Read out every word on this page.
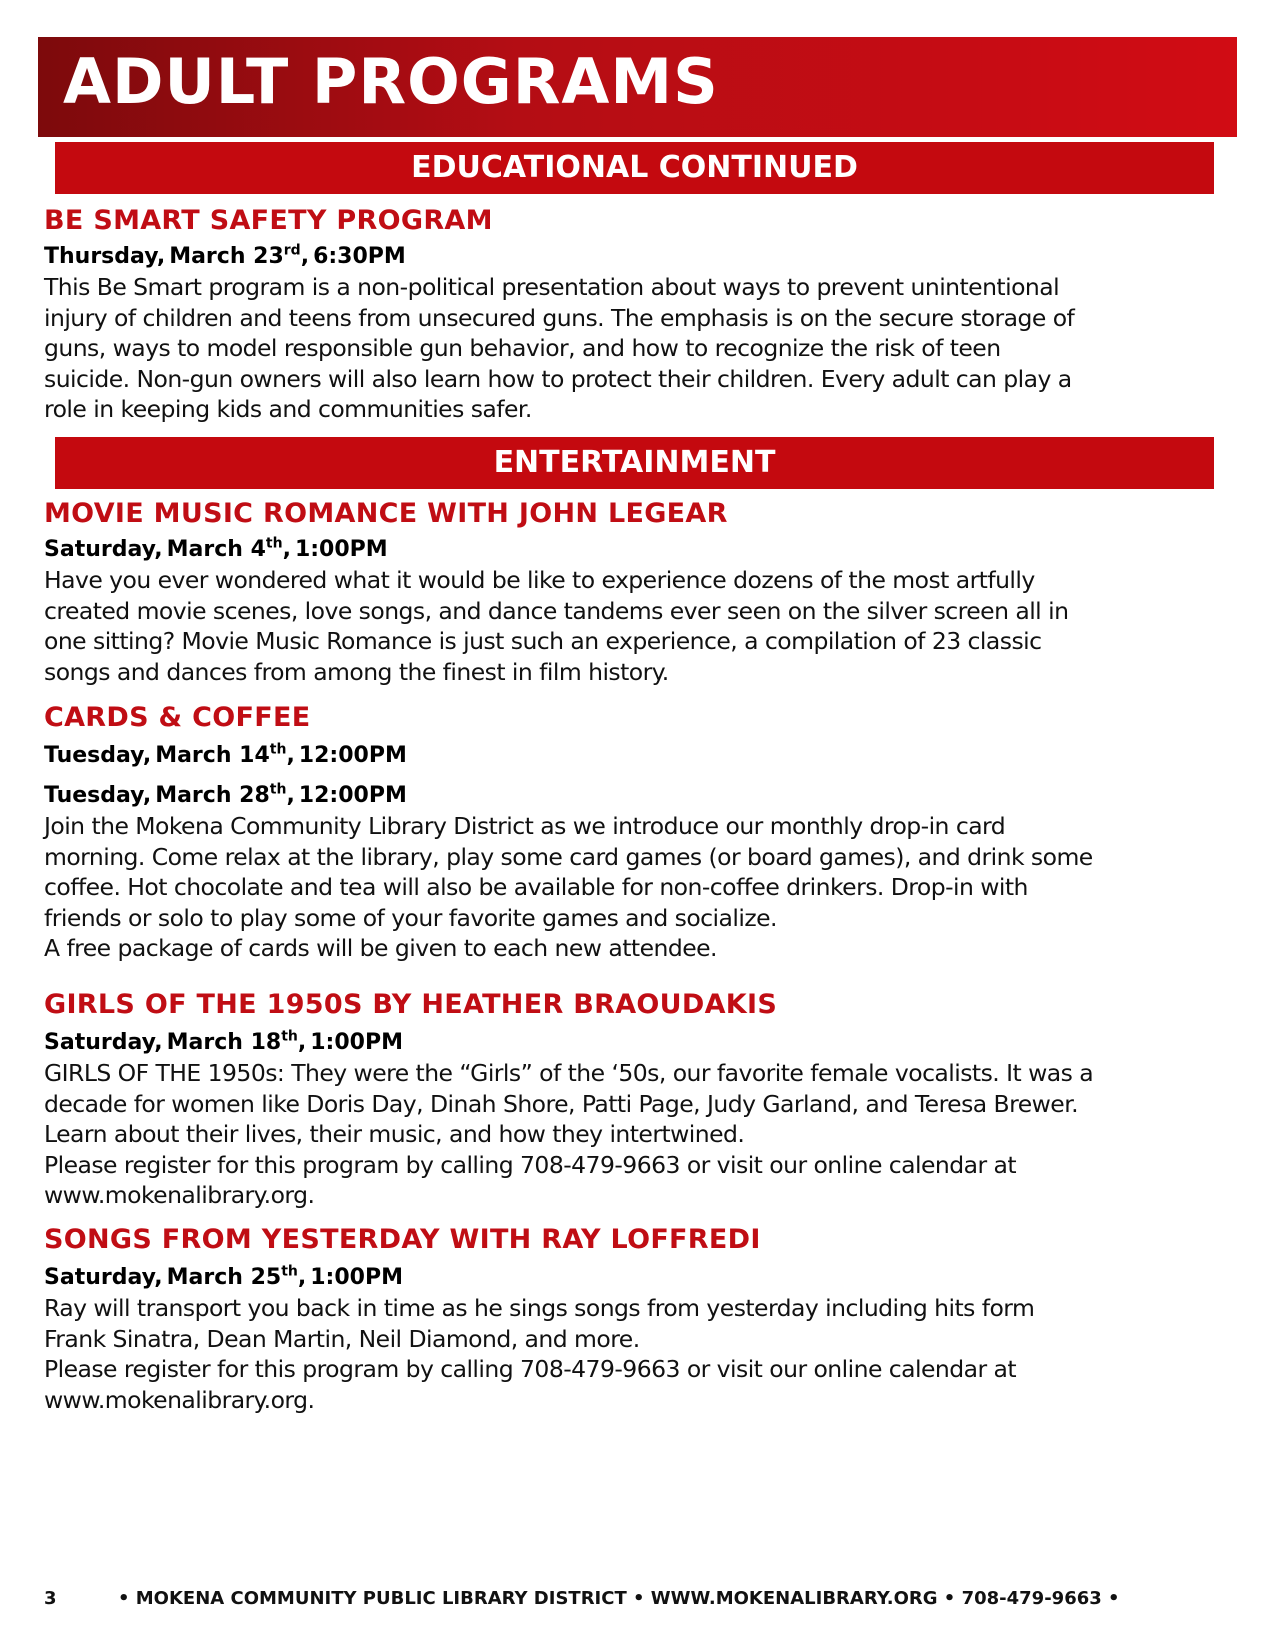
ADULT PROGRAMS
EDUCATIONAL CONTINUED
BE SMART SAFETY PROGRAM

Thursday, March 23rd, 6:30PM

This Be Smart program is a non-political presentation about ways to prevent unintentional
injury of children and teens from unsecured guns. The emphasis is on the secure storage of
guns, ways to model responsible gun behavior, and how to recognize the risk of teen
suicide. Non-gun owners will also learn how to protect their children. Every adult can play a
role in keeping kids and communities safer.
ENTERTAINMENT
MOVIE MUSIC ROMANCE WITH JOHN LEGEAR

Saturday, March 4th, 1:00PM

Have you ever wondered what it would be like to experience dozens of the most artfully
created movie scenes, love songs, and dance tandems ever seen on the silver screen all in
one sitting? Movie Music Romance is just such an experience, a compilation of 23 classic
songs and dances from among the finest in film history.
CARDS & COFFEE

Tuesday, March 14th, 12:00PM

Tuesday, March 28th, 12:00PM

Join the Mokena Community Library District as we introduce our monthly drop-in card
morning. Come relax at the library, play some card games (or board games), and drink some
coffee. Hot chocolate and tea will also be available for non-coffee drinkers. Drop-in with
friends or solo to play some of your favorite games and socialize.
A free package of cards will be given to each new attendee.
GIRLS OF THE 1950S BY HEATHER BRAOUDAKIS

Saturday, March 18th, 1:00PM

GIRLS OF THE 1950s: They were the “Girls” of the ‘50s, our favorite female vocalists. It was a
decade for women like Doris Day, Dinah Shore, Patti Page, Judy Garland, and Teresa Brewer.
Learn about their lives, their music, and how they intertwined.
Please register for this program by calling 708-479-9663 or visit our online calendar at
www.mokenalibrary.org.
SONGS FROM YESTERDAY WITH RAY LOFFREDI

Saturday, March 25th, 1:00PM

Ray will transport you back in time as he sings songs from yesterday including hits form
Frank Sinatra, Dean Martin, Neil Diamond, and more.
Please register for this program by calling 708-479-9663 or visit our online calendar at
www.mokenalibrary.org.
3	• MOKENA COMMUNITY PUBLIC LIBRARY DISTRICT • WWW.MOKENALIBRARY.ORG • 708-479-9663 •
